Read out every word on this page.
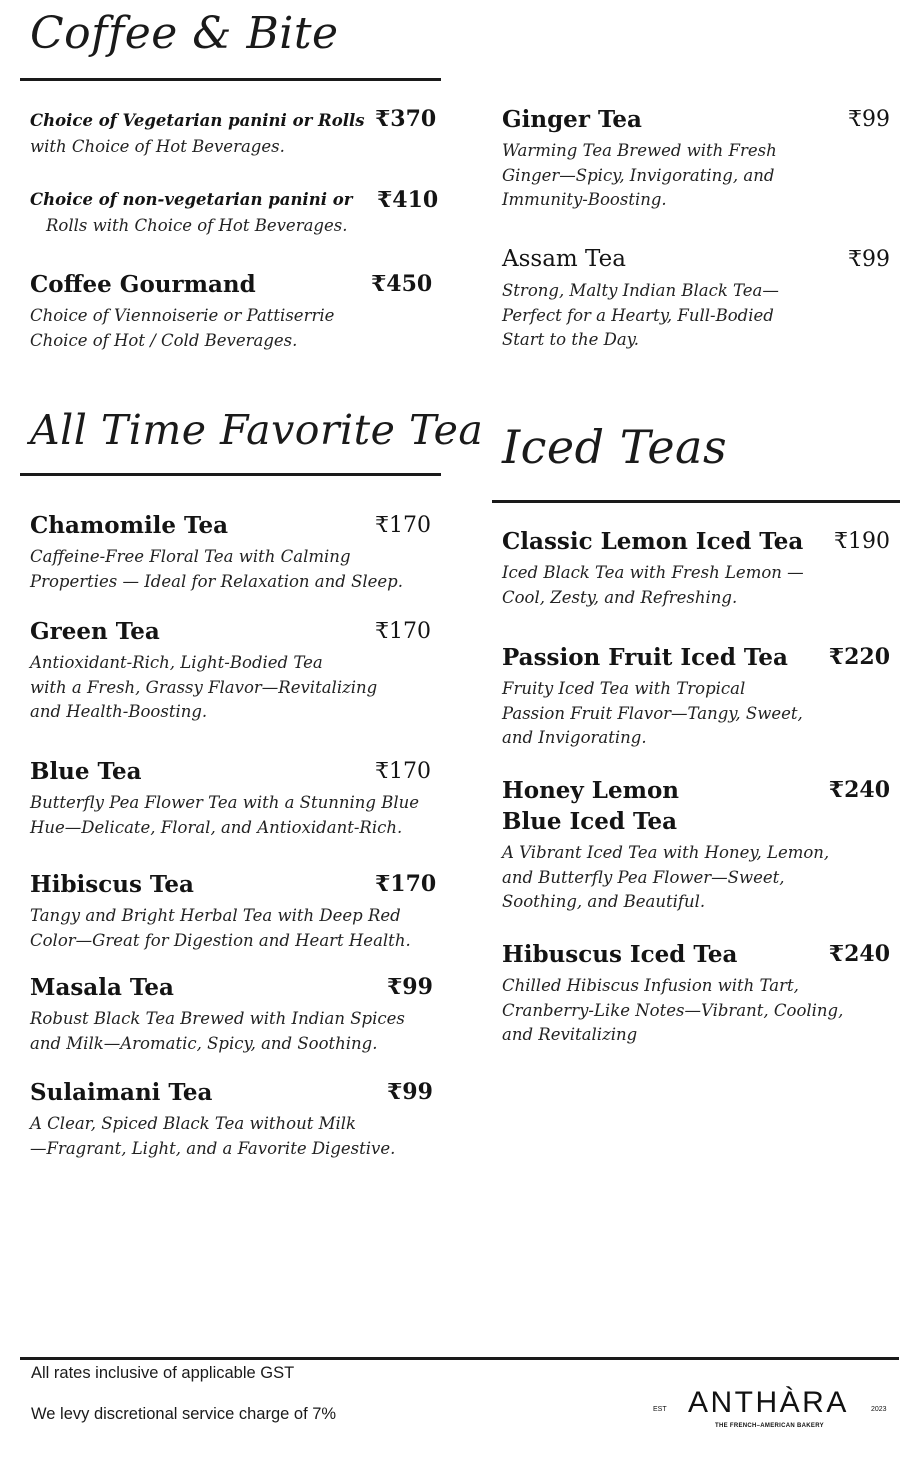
Coffee & Bite
Choice of Vegetarian panini or Rolls ₹370
with Choice of Hot Beverages.
Choice of non-vegetarian panini or	₹410
Rolls with Choice of Hot Beverages.
Coffee Gourmand	₹450
Choice of Viennoiserie or Pattiserrie
Choice of Hot / Cold Beverages.
Ginger Tea	₹99
Warming Tea Brewed with Fresh
Ginger—Spicy, Invigorating, and
Immunity-Boosting.
Assam Tea	₹99
Strong, Malty Indian Black Tea—
Perfect for a Hearty, Full-Bodied
Start to the Day.
All Time Favorite Tea
Chamomile Tea	₹170
Caffeine-Free Floral Tea with Calming
Properties — Ideal for Relaxation and Sleep.
Green Tea	₹170
Antioxidant-Rich, Light-Bodied Tea
with a Fresh, Grassy Flavor—Revitalizing
and Health-Boosting.
Blue Tea	₹170
Butterfly Pea Flower Tea with a Stunning Blue
Hue—Delicate, Floral, and Antioxidant-Rich.
Hibiscus Tea	₹170
Tangy and Bright Herbal Tea with Deep Red
Color—Great for Digestion and Heart Health.
Masala Tea	₹99
Robust Black Tea Brewed with Indian Spices
and Milk—Aromatic, Spicy, and Soothing.
Sulaimani Tea	₹99
A Clear, Spiced Black Tea without Milk
—Fragrant, Light, and a Favorite Digestive.
Iced Teas
Classic Lemon Iced Tea	₹190
Iced Black Tea with Fresh Lemon —
Cool, Zesty, and Refreshing.
Passion Fruit Iced Tea	₹220
Fruity Iced Tea with Tropical
Passion Fruit Flavor—Tangy, Sweet,
and Invigorating.
Honey Lemon
Blue Iced Tea
₹240
A Vibrant Iced Tea with Honey, Lemon,
and Butterfly Pea Flower—Sweet,
Soothing, and Beautiful.
Hibuscus Iced Tea	₹240
Chilled Hibiscus Infusion with Tart,
Cranberry-Like Notes—Vibrant, Cooling,
and Revitalizing
All rates inclusive of applicable GST
We levy discretional service charge of 7%	EST ANTHÀRA	2023
THE FRENCH–AMERICAN BAKERY
